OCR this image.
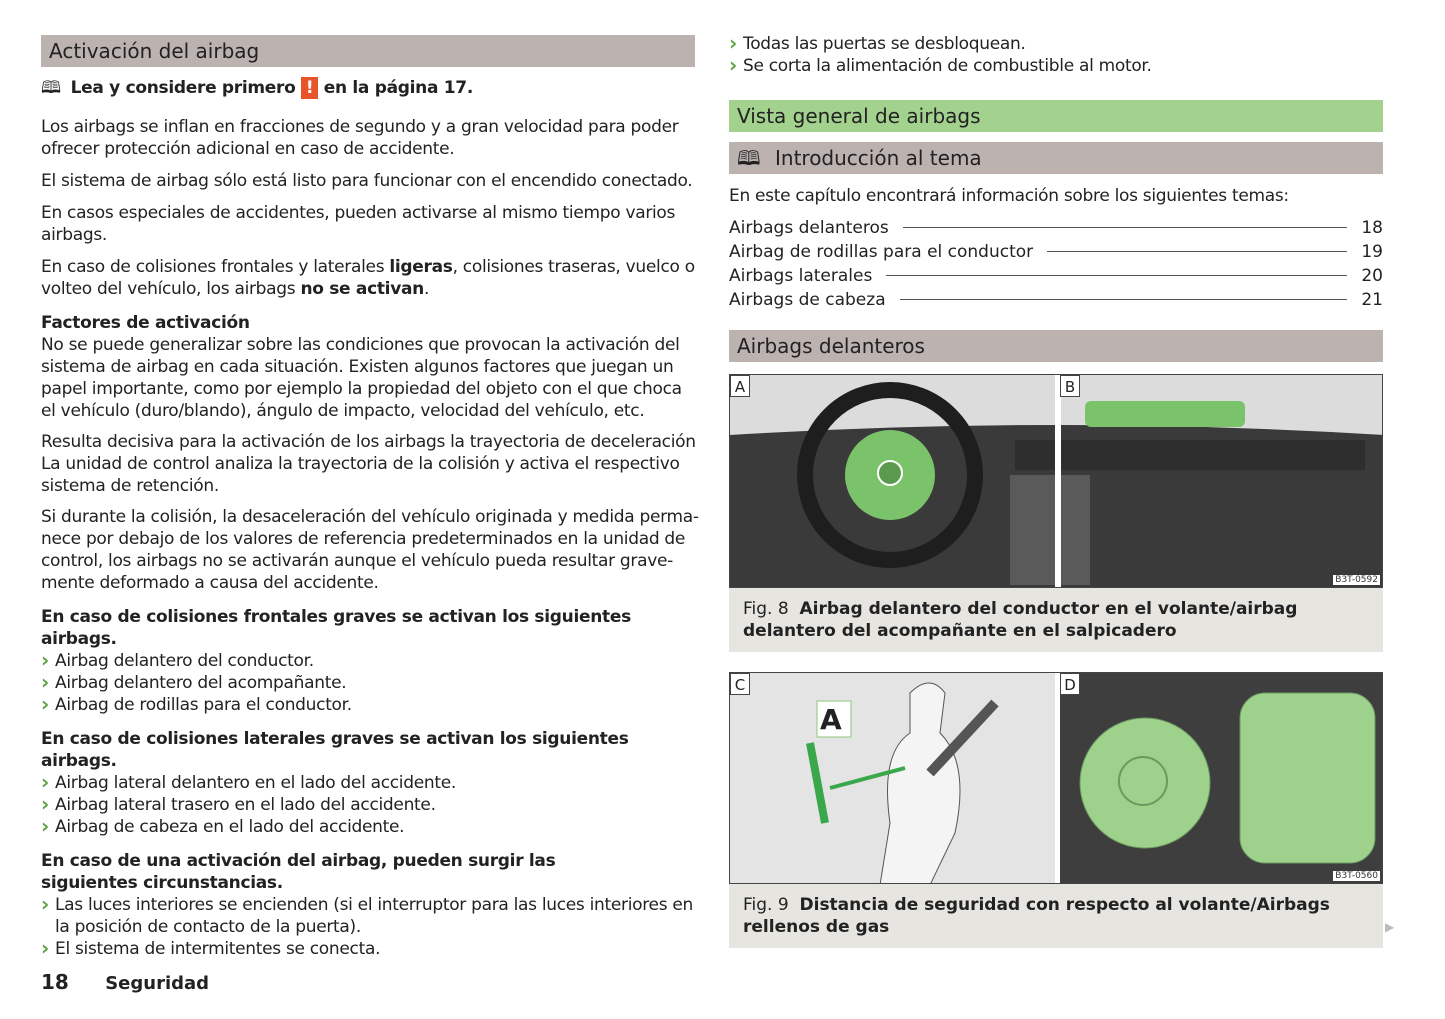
Activación del airbag
🕮 Lea y considere primero ! en la página 17.

Los airbags se inflan en fracciones de segundo y a gran velocidad para poder ofrecer protección adicional en caso de accidente.

El sistema de airbag sólo está listo para funcionar con el encendido conectado.

En casos especiales de accidentes, pueden activarse al mismo tiempo varios airbags.

En caso de colisiones frontales y laterales ligeras, colisiones traseras, vuelco o volteo del vehículo, los airbags no se activan.

Factores de activación

No se puede generalizar sobre las condiciones que provocan la activación del sistema de airbag en cada situación. Existen algunos factores que juegan un papel importante, como por ejemplo la propiedad del objeto con el que choca el vehículo (duro/blando), ángulo de impacto, velocidad del vehículo, etc.

Resulta decisiva para la activación de los airbags la trayectoria de deceleración La unidad de control analiza la trayectoria de la colisión y activa el respectivo sistema de retención.

Si durante la colisión, la desaceleración del vehículo originada y medida perma-nece por debajo de los valores de referencia predeterminados en la unidad de control, los airbags no se activarán aunque el vehículo pueda resultar grave-mente deformado a causa del accidente.

En caso de colisiones frontales graves se activan los siguientes airbags.

› Airbag delantero del conductor.
› Airbag delantero del acompañante.
› Airbag de rodillas para el conductor.

En caso de colisiones laterales graves se activan los siguientes airbags.

› Airbag lateral delantero en el lado del accidente.
› Airbag lateral trasero en el lado del accidente.
› Airbag de cabeza en el lado del accidente.

En caso de una activación del airbag, pueden surgir las siguientes circunstancias.

› Las luces interiores se encienden (si el interruptor para las luces interiores en la posición de contacto de la puerta).
› El sistema de intermitentes se conecta.
18 Seguridad
› Todas las puertas se desbloquean.
› Se corta la alimentación de combustible al motor.
Vista general de airbags
🕮 Introducción al tema
En este capítulo encontrará información sobre los siguientes temas:
Airbags delanteros	18
Airbag de rodillas para el conductor	19
Airbags laterales	20
Airbags de cabeza	21
Airbags delanteros
A	B
B3T-0592
Fig. 8 Airbag delantero del conductor en el volante/airbag delantero del acompañante en el salpicadero
A
C	D
B3T-0560
Fig. 9 Distancia de seguridad con respecto al volante/Airbags rellenos de gas	▶
